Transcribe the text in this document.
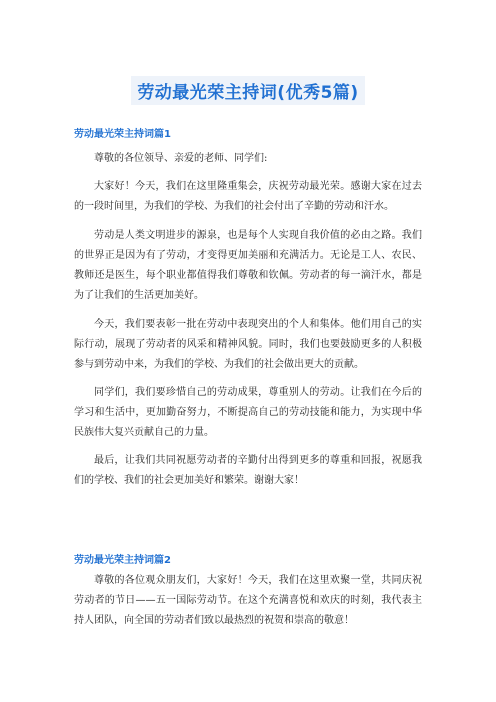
劳动最光荣主持词(优秀5篇)
劳动最光荣主持词篇1

尊敬的各位领导、亲爱的老师、同学们:

大家好！今天，我们在这里隆重集会，庆祝劳动最光荣。感谢大家在过去的一段时间里，为我们的学校、为我们的社会付出了辛勤的劳动和汗水。

劳动是人类文明进步的源泉，也是每个人实现自我价值的必由之路。我们的世界正是因为有了劳动，才变得更加美丽和充满活力。无论是工人、农民、教师还是医生，每个职业都值得我们尊敬和钦佩。劳动者的每一滴汗水，都是为了让我们的生活更加美好。

今天，我们要表彰一批在劳动中表现突出的个人和集体。他们用自己的实际行动，展现了劳动者的风采和精神风貌。同时，我们也要鼓励更多的人积极参与到劳动中来，为我们的学校、为我们的社会做出更大的贡献。

同学们，我们要珍惜自己的劳动成果，尊重别人的劳动。让我们在今后的学习和生活中，更加勤奋努力，不断提高自己的劳动技能和能力，为实现中华民族伟大复兴贡献自己的力量。

最后，让我们共同祝愿劳动者的辛勤付出得到更多的尊重和回报，祝愿我们的学校、我们的社会更加美好和繁荣。谢谢大家！

劳动最光荣主持词篇2

尊敬的各位观众朋友们，大家好！今天，我们在这里欢聚一堂，共同庆祝劳动者的节日——五一国际劳动节。在这个充满喜悦和欢庆的时刻，我代表主持人团队，向全国的劳动者们致以最热烈的祝贺和崇高的敬意！
